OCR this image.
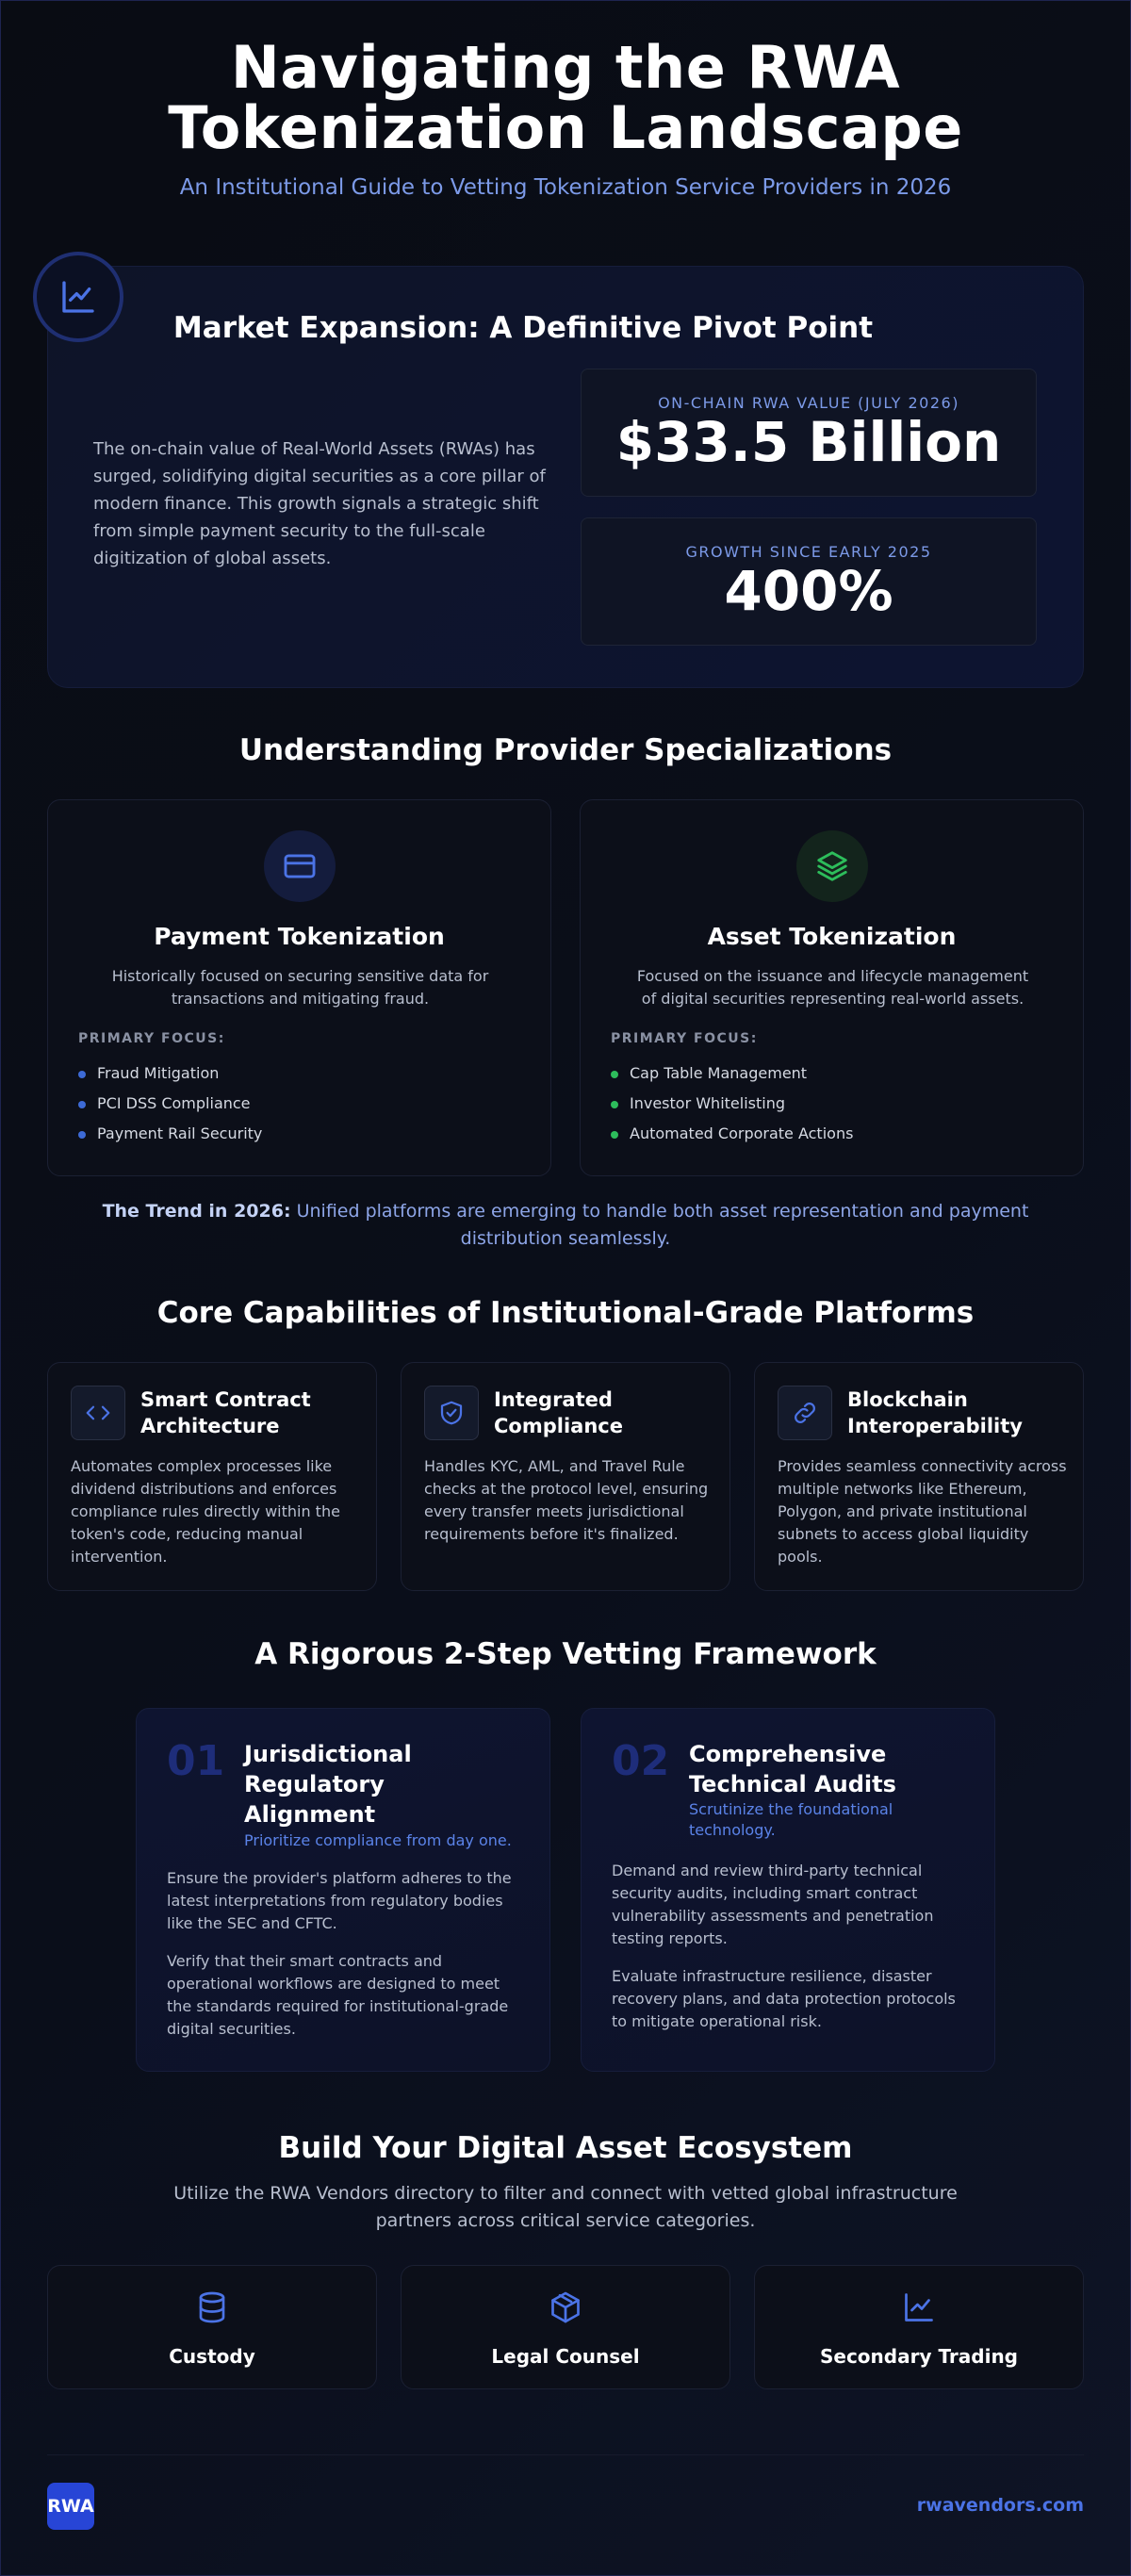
Navigating the RWA
Tokenization Landscape
An Institutional Guide to Vetting Tokenization Service Providers in 2026
Market Expansion: A Definitive Pivot Point
The on-chain value of Real-World Assets (RWAs) has surged, solidifying digital securities as a core pillar of modern finance. This growth signals a strategic shift from simple payment security to the full-scale digitization of global assets.
ON-CHAIN RWA VALUE (JULY 2026)
$33.5 Billion
GROWTH SINCE EARLY 2025
400%
Understanding Provider Specializations
Payment Tokenization
Historically focused on securing sensitive data for transactions and mitigating fraud.
PRIMARY FOCUS:
Fraud Mitigation
PCI DSS Compliance
Payment Rail Security
Asset Tokenization
Focused on the issuance and lifecycle management of digital securities representing real-world assets.
PRIMARY FOCUS:
Cap Table Management
Investor Whitelisting
Automated Corporate Actions
The Trend in 2026: Unified platforms are emerging to handle both asset representation and payment distribution seamlessly.
Core Capabilities of Institutional-Grade Platforms
Smart Contract Architecture
Automates complex processes like dividend distributions and enforces compliance rules directly within the token's code, reducing manual intervention.
Integrated Compliance
Handles KYC, AML, and Travel Rule checks at the protocol level, ensuring every transfer meets jurisdictional requirements before it's finalized.
Blockchain Interoperability
Provides seamless connectivity across multiple networks like Ethereum, Polygon, and private institutional subnets to access global liquidity pools.
A Rigorous 2-Step Vetting Framework
01 Jurisdictional Regulatory Alignment
Prioritize compliance from day one.
Ensure the provider's platform adheres to the latest interpretations from regulatory bodies like the SEC and CFTC.
Verify that their smart contracts and operational workflows are designed to meet the standards required for institutional-grade digital securities.
02 Comprehensive Technical Audits
Scrutinize the foundational technology.
Demand and review third-party technical security audits, including smart contract vulnerability assessments and penetration testing reports.
Evaluate infrastructure resilience, disaster recovery plans, and data protection protocols to mitigate operational risk.
Build Your Digital Asset Ecosystem
Utilize the RWA Vendors directory to filter and connect with vetted global infrastructure partners across critical service categories.
Custody	Legal Counsel	Secondary Trading
RWA	rwavendors.com
